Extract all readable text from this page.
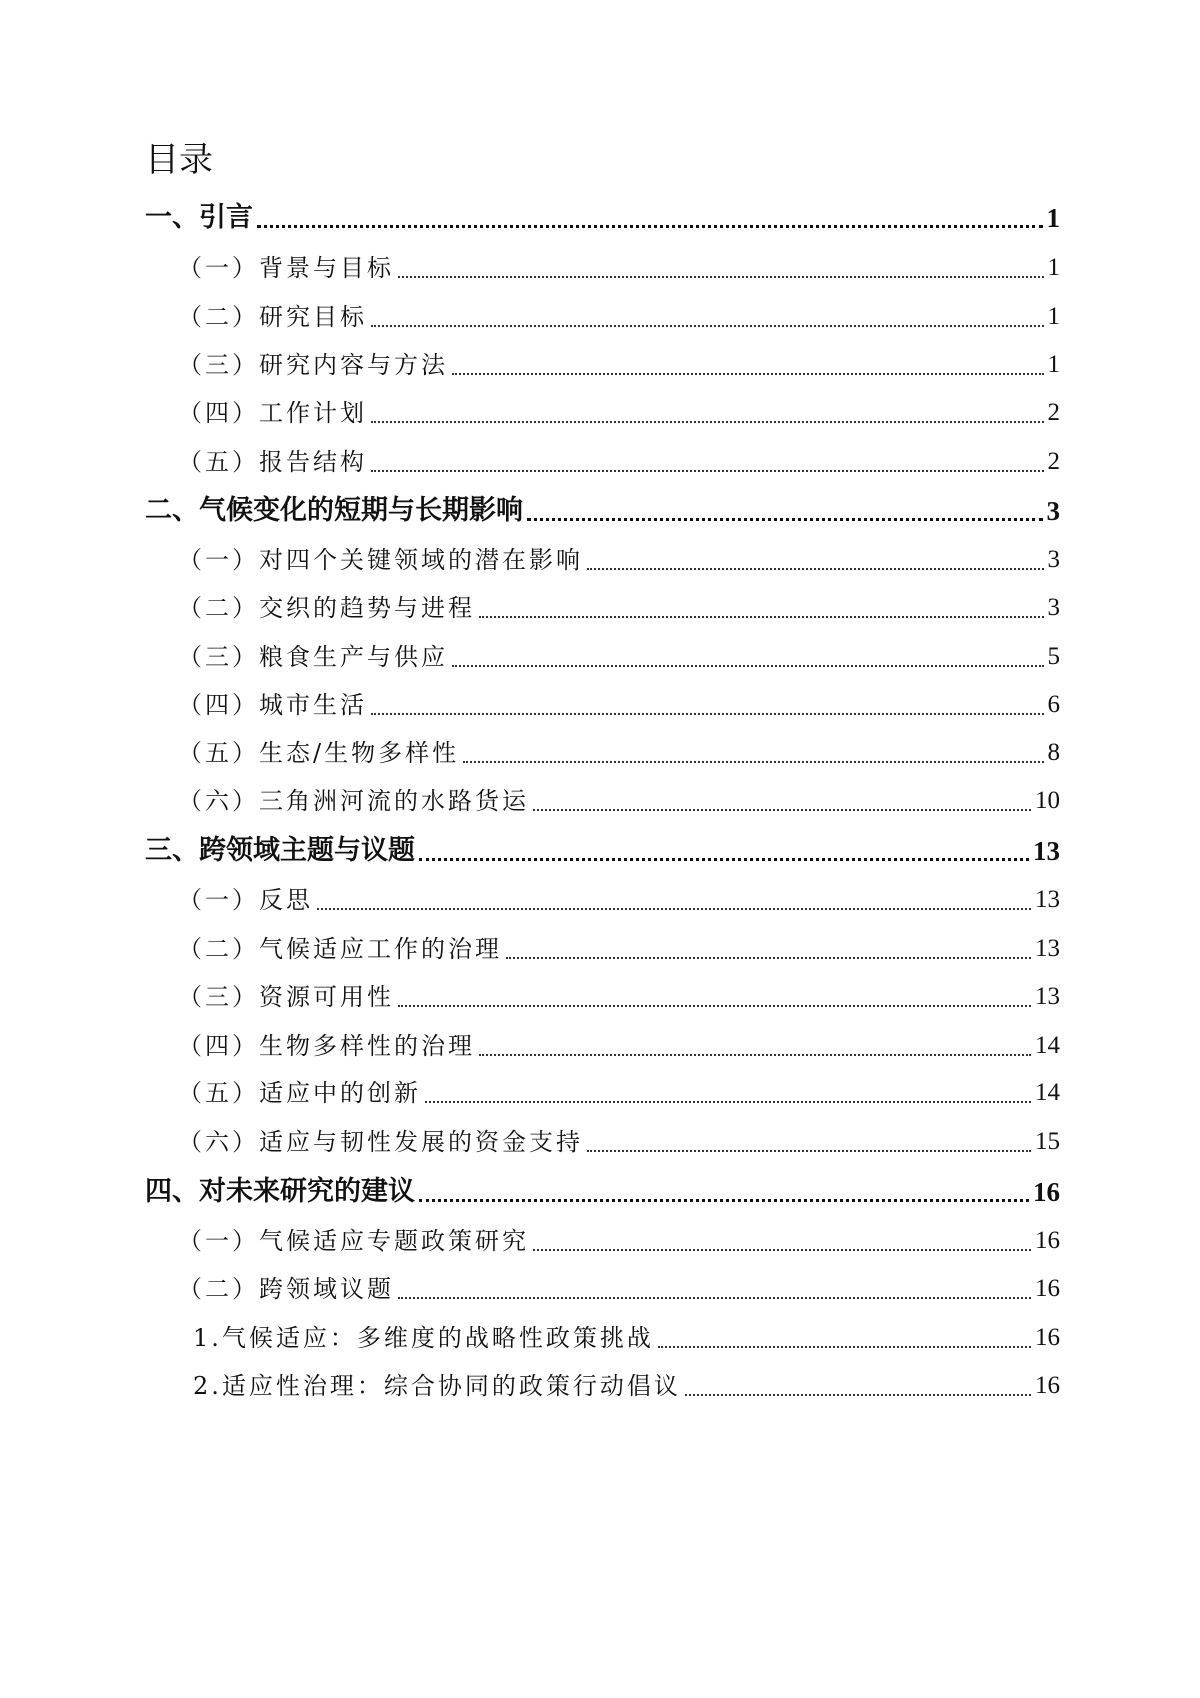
目录
一、引言	1
（一）背景与目标	1
（二）研究目标	1
（三）研究内容与方法	1
（四）工作计划	2
（五）报告结构	2
二、气候变化的短期与长期影响	3
（一）对四个关键领域的潜在影响	3
（二）交织的趋势与进程	3
（三）粮食生产与供应	5
（四）城市生活	6
（五）生态/生物多样性	8
（六）三角洲河流的水路货运	10
三、跨领域主题与议题	13
（一）反思	13
（二）气候适应工作的治理	13
（三）资源可用性	13
（四）生物多样性的治理	14
（五）适应中的创新	14
（六）适应与韧性发展的资金支持	15
四、对未来研究的建议	16
（一）气候适应专题政策研究	16
（二）跨领域议题	16
1.气候适应：多维度的战略性政策挑战	16
2.适应性治理：综合协同的政策行动倡议	16
